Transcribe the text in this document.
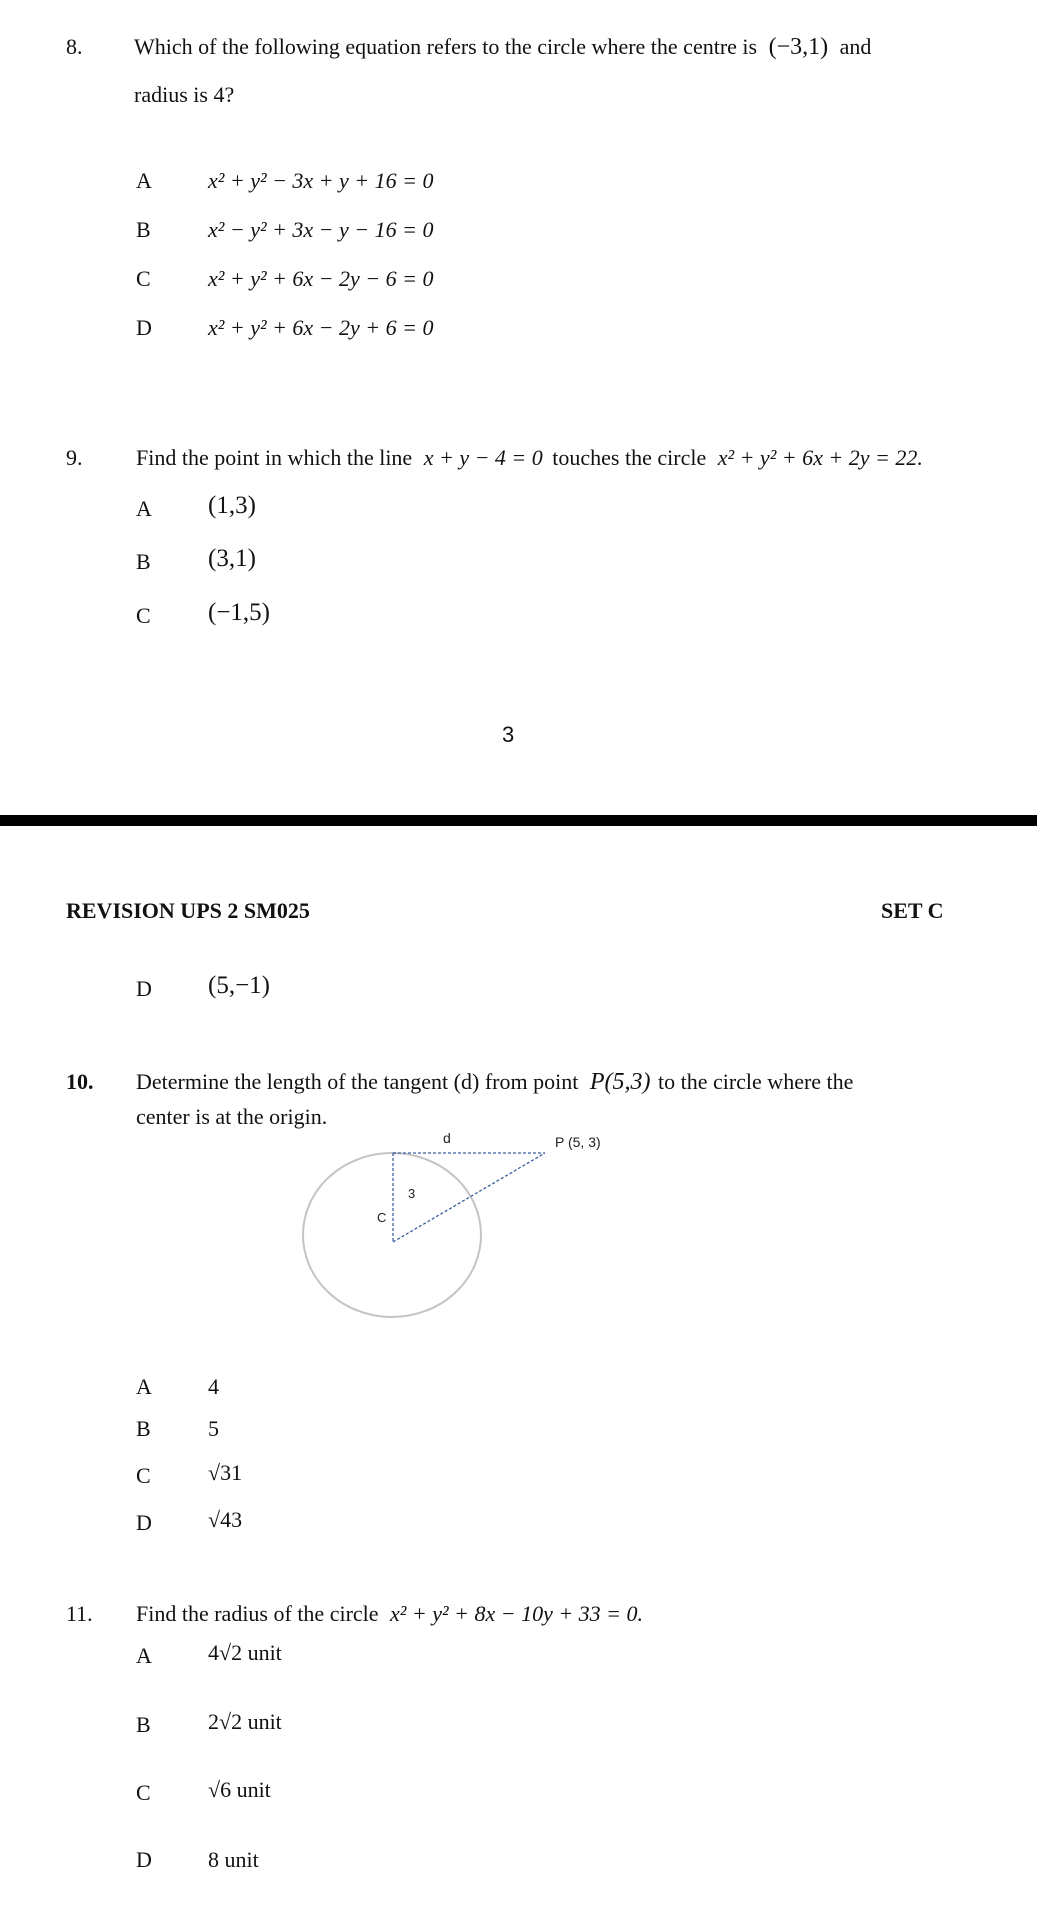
8. Which of the following equation refers to the circle where the centre is (−3,1) and
radius is 4?
A	x² + y² − 3x + y + 16 = 0
B	x² − y² + 3x − y − 16 = 0
C	x² + y² + 6x − 2y − 6 = 0
D	x² + y² + 6x − 2y + 6 = 0
9. Find the point in which the line x + y − 4 = 0 touches the circle x² + y² + 6x + 2y = 22.
A (1,3)
B (3,1)
C (−1,5)
3
REVISION UPS 2 SM025	SET C
D (5,−1)
10. Determine the length of the tangent (d) from point P(5,3) to the circle where the
center is at the origin.
d	P (5, 3)
3
C
A	4
B	5
C	√31
D	√43
11. Find the radius of the circle x² + y² + 8x − 10y + 33 = 0.
A	4√2 unit
B	2√2 unit
C	√6 unit
D	8 unit
